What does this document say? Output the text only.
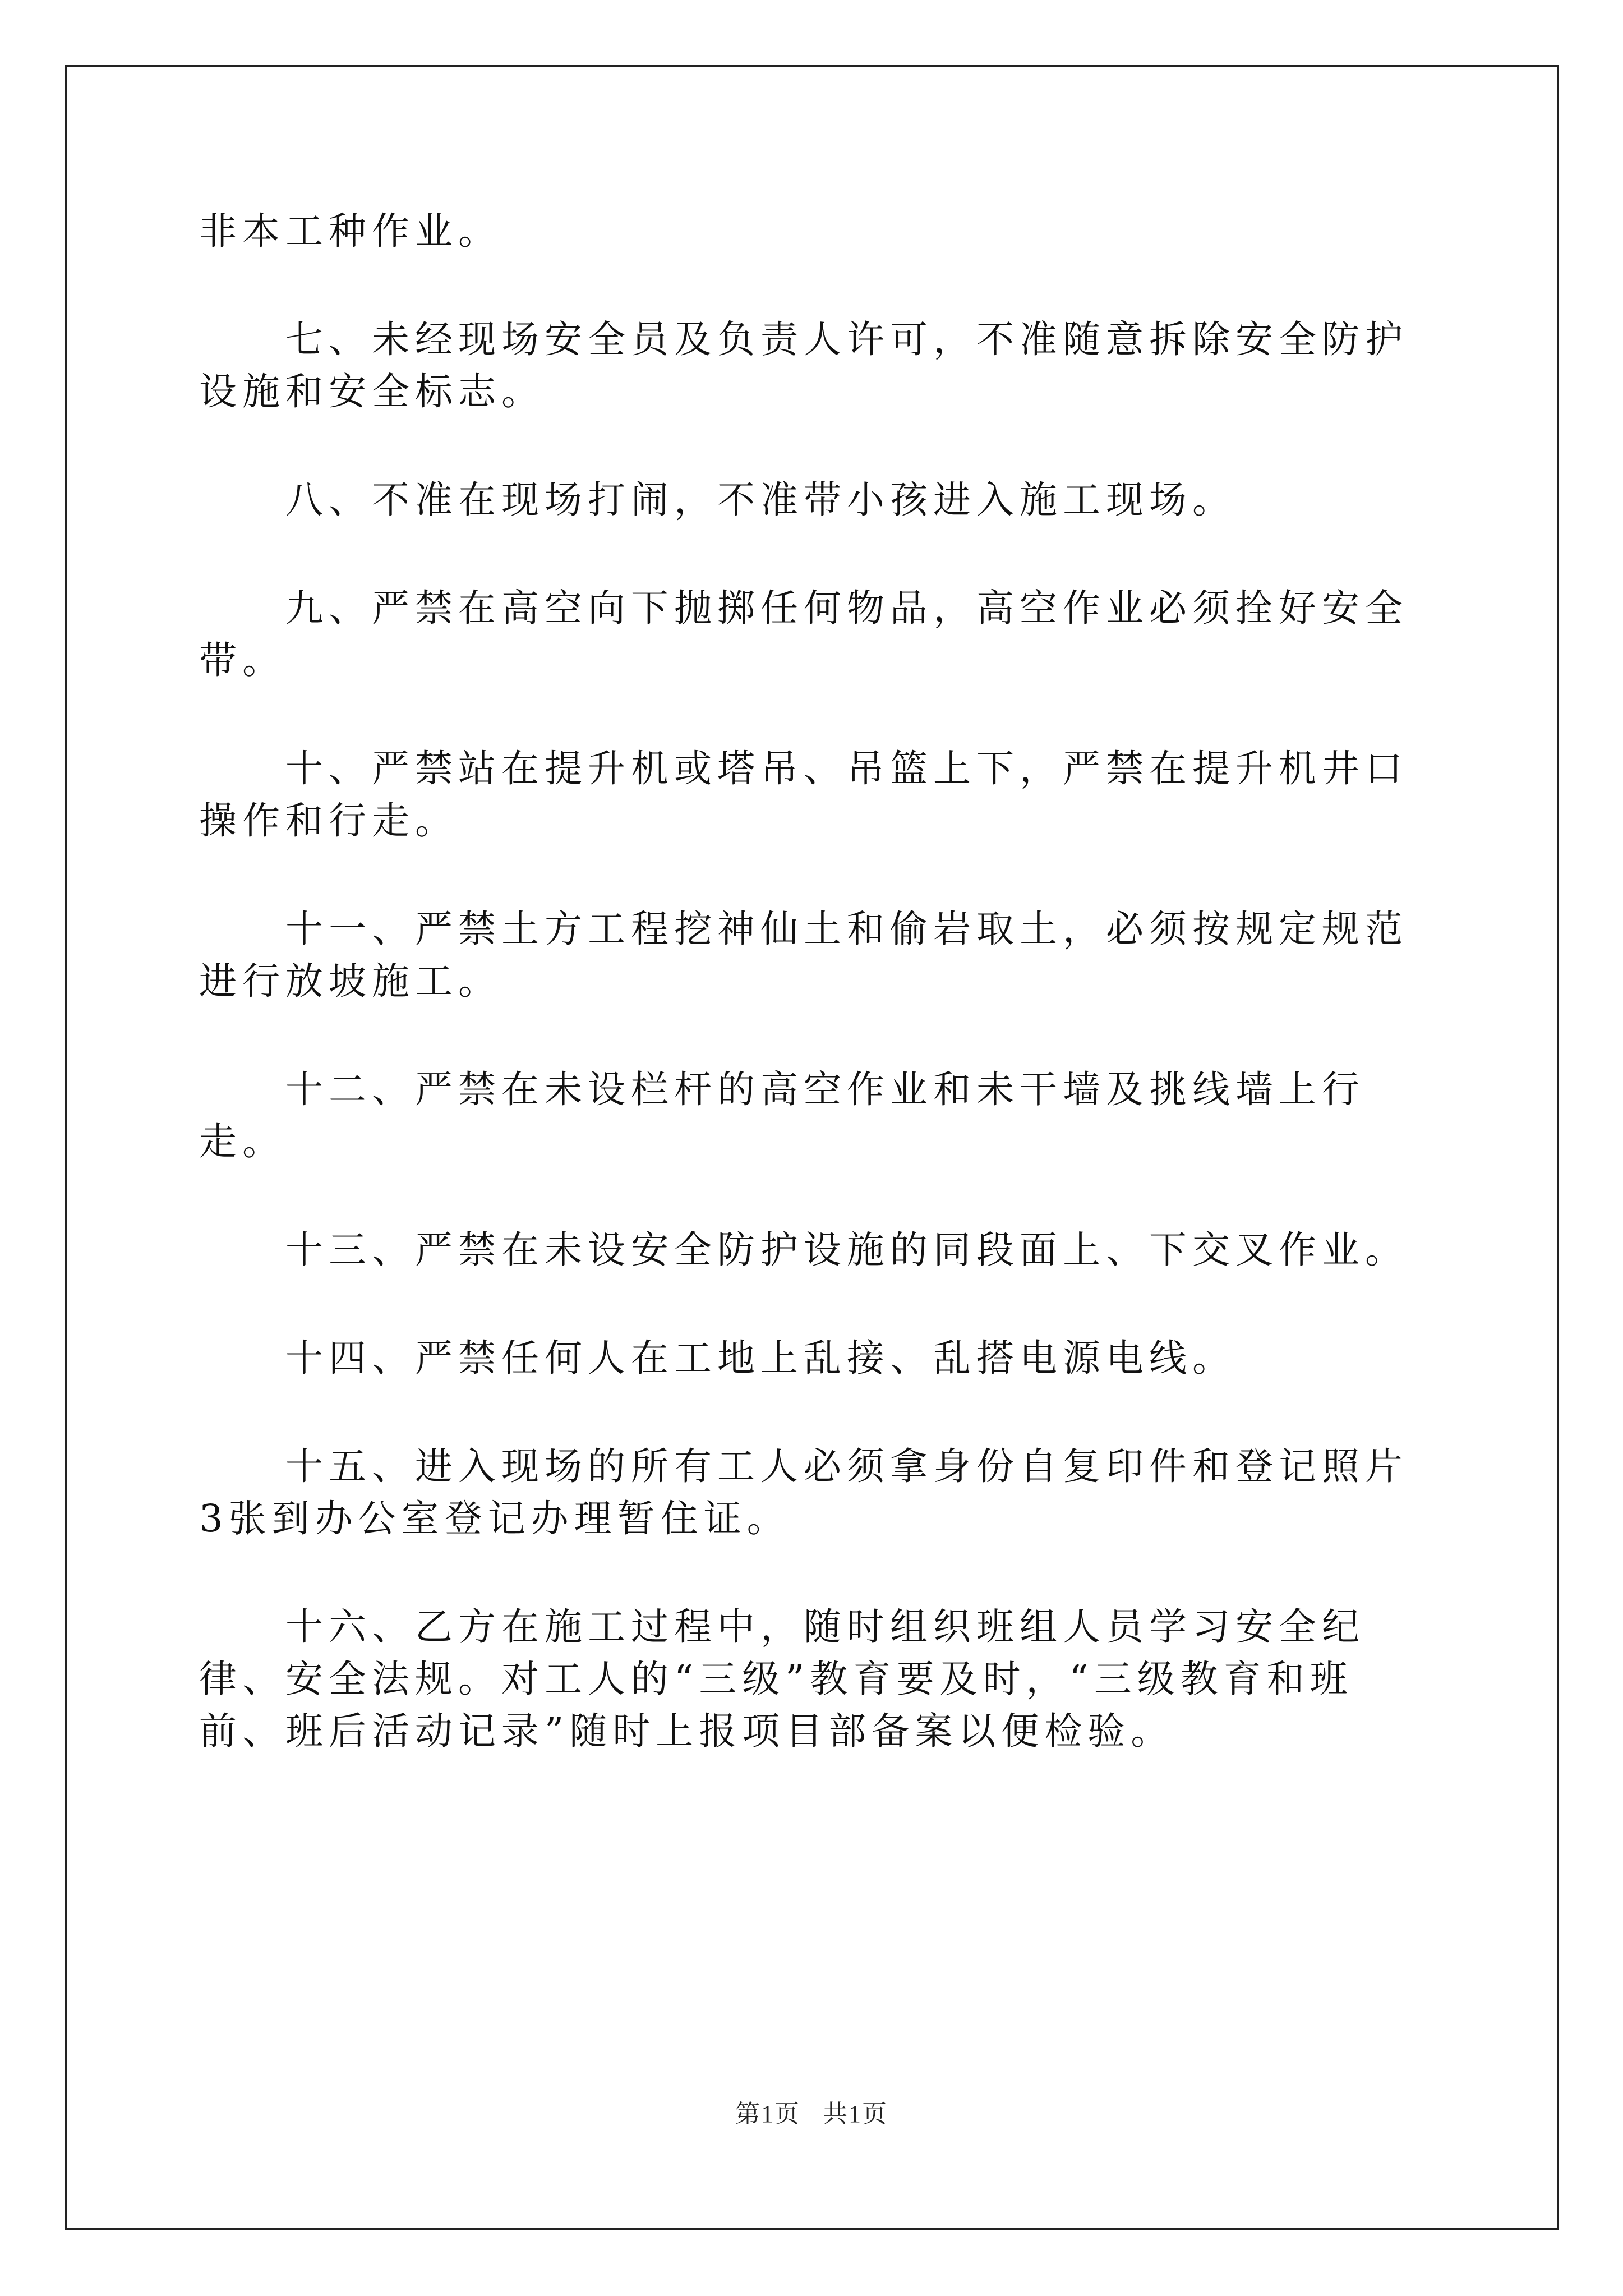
非本工种作业。

七、未经现场安全员及负责人许可，不准随意拆除安全防护设施和安全标志。

八、不准在现场打闹，不准带小孩进入施工现场。

九、严禁在高空向下抛掷任何物品，高空作业必须拴好安全带。

十、严禁站在提升机或塔吊、吊篮上下，严禁在提升机井口操作和行走。

十一、严禁土方工程挖神仙土和偷岩取土，必须按规定规范进行放坡施工。

十二、严禁在未设栏杆的高空作业和未干墙及挑线墙上行走。

十三、严禁在未设安全防护设施的同段面上、下交叉作业。

十四、严禁任何人在工地上乱接、乱搭电源电线。

十五、进入现场的所有工人必须拿身份自复印件和登记照片3张到办公室登记办理暂住证。

十六、乙方在施工过程中，随时组织班组人员学习安全纪律、安全法规。对工人的“三级”教育要及时，“三级教育和班前、班后活动记录”随时上报项目部备案以便检验。

第1页 共1页
